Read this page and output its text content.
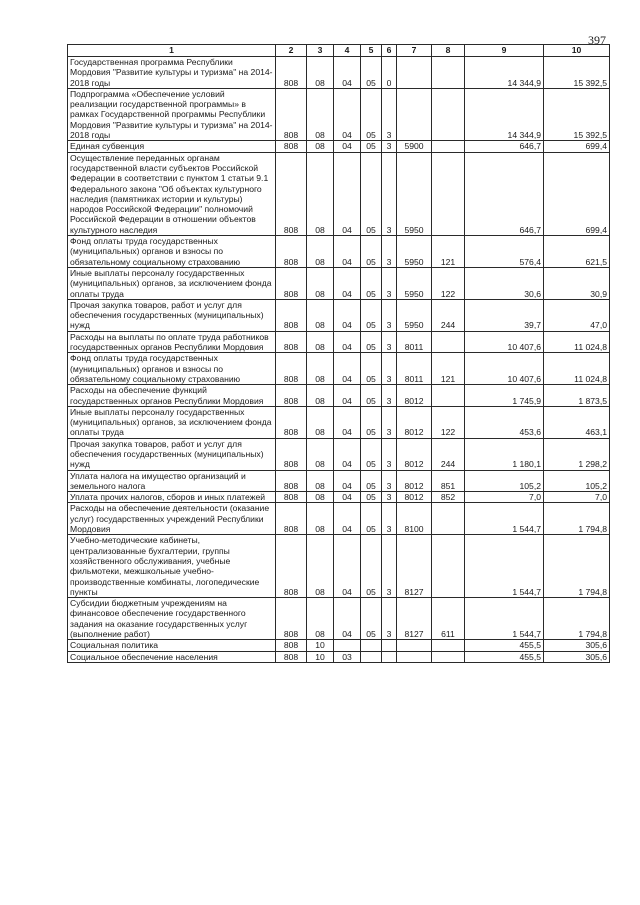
397
1	2	3	4	5	6	7	8	9	10
Государственная программа Республики Мордовия "Развитие культуры и туризма" на 2014-2018 годы	808	08	04	05	0			14 344,9	15 392,5
Подпрограмма «Обеспечение условий реализации государственной программы» в рамках Государственной программы Республики Мордовия "Развитие культуры и туризма" на 2014-2018 годы	808	08	04	05	3			14 344,9	15 392,5
Единая субвенция	808	08	04	05	3	5900		646,7	699,4
Осуществление переданных органам государственной власти субъектов Российской Федерации в соответствии с пунктом 1 статьи 9.1 Федерального закона "Об объектах культурного наследия (памятниках истории и культуры) народов Российской Федерации" полномочий Российской Федерации в отношении объектов культурного наследия	808	08	04	05	3	5950		646,7	699,4
Фонд оплаты труда государственных (муниципальных) органов и взносы по обязательному социальному страхованию	808	08	04	05	3	5950	121	576,4	621,5
Иные выплаты персоналу государственных (муниципальных) органов, за исключением фонда оплаты труда	808	08	04	05	3	5950	122	30,6	30,9
Прочая закупка товаров, работ и услуг для обеспечения государственных (муниципальных) нужд	808	08	04	05	3	5950	244	39,7	47,0
Расходы на выплаты по оплате труда работников государственных органов Республики Мордовия	808	08	04	05	3	8011		10 407,6	11 024,8
Фонд оплаты труда государственных (муниципальных) органов и взносы по обязательному социальному страхованию	808	08	04	05	3	8011	121	10 407,6	11 024,8
Расходы на обеспечение функций государственных органов Республики Мордовия	808	08	04	05	3	8012		1 745,9	1 873,5
Иные выплаты персоналу государственных (муниципальных) органов, за исключением фонда оплаты труда	808	08	04	05	3	8012	122	453,6	463,1
Прочая закупка товаров, работ и услуг для обеспечения государственных (муниципальных) нужд	808	08	04	05	3	8012	244	1 180,1	1 298,2
Уплата налога на имущество организаций и земельного налога	808	08	04	05	3	8012	851	105,2	105,2
Уплата прочих налогов, сборов и иных платежей	808	08	04	05	3	8012	852	7,0	7,0
Расходы на обеспечение деятельности (оказание услуг) государственных учреждений Республики Мордовия	808	08	04	05	3	8100		1 544,7	1 794,8
Учебно-методические кабинеты, централизованные бухгалтерии, группы хозяйственного обслуживания, учебные фильмотеки, межшкольные учебно-производственные комбинаты, логопедические пункты	808	08	04	05	3	8127		1 544,7	1 794,8
Субсидии бюджетным учреждениям на финансовое обеспечение государственного задания на оказание государственных услуг (выполнение работ)	808	08	04	05	3	8127	611	1 544,7	1 794,8
Социальная политика	808	10						455,5	305,6
Социальное обеспечение населения	808	10	03					455,5	305,6
